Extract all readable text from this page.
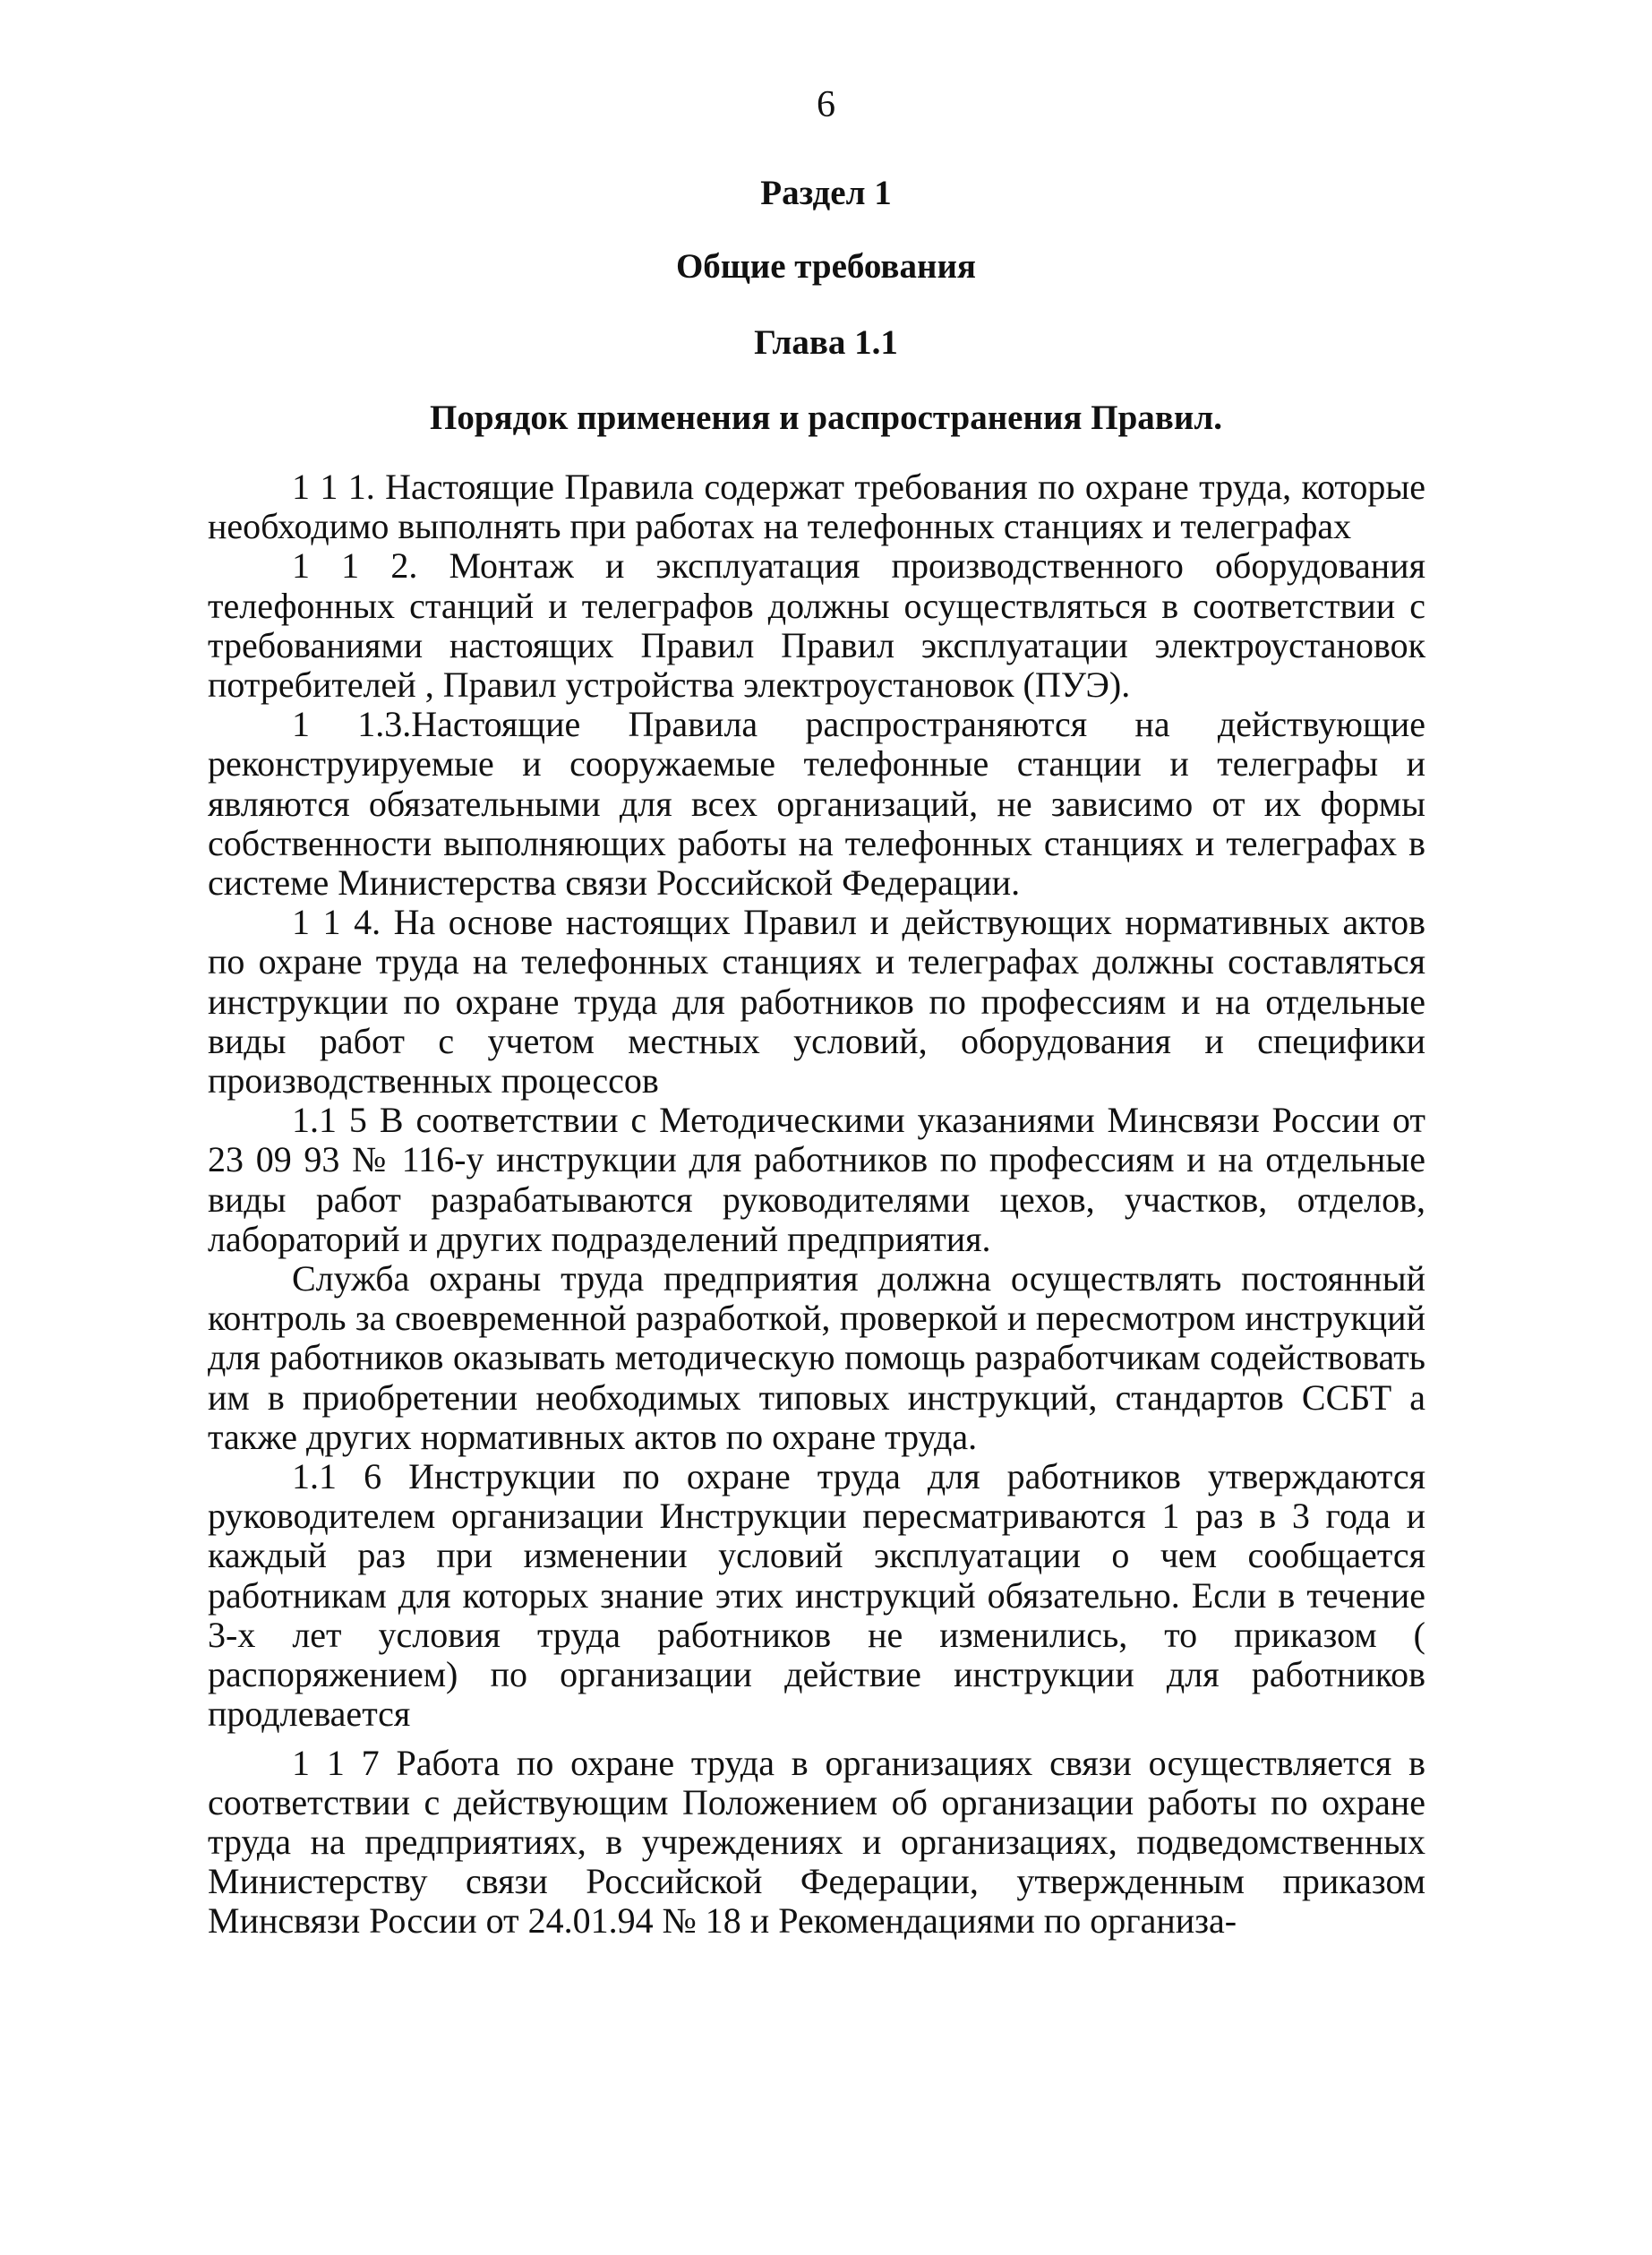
6
Раздел 1
Общие требования
Глава 1.1
Порядок применения и распространения Правил.

1 1 1. Настоящие Правила содержат требования по охране труда, которые необходимо выполнять при работах на телефонных станциях и телеграфах

1 1 2. Монтаж и эксплуатация производственного оборудования телефонных станций и телеграфов должны осуществляться в соответствии с требованиями настоящих Правил Правил эксплуатации электроустановок потребителей , Правил устройства электроустановок (ПУЭ).

1 1.3.Настоящие Правила распространяются на действующие реконструируемые и сооружаемые телефонные станции и телеграфы и являются обязательными для всех организаций, не зависимо от их формы собственности выполняющих работы на телефонных станциях и телеграфах в системе Министерства связи Российской Федерации.

1 1 4. На основе настоящих Правил и действующих нормативных актов по охране труда на телефонных станциях и телеграфах должны составляться инструкции по охране труда для работников по профессиям и на отдельные виды работ с учетом местных условий, оборудования и специфики производственных процессов

1.1 5 В соответствии с Методическими указаниями Минсвязи России от 23 09 93 № 116-у инструкции для работников по профессиям и на отдельные виды работ разрабатываются руководителями цехов, участков, отделов, лабораторий и других подразделений предприятия.

Служба охраны труда предприятия должна осуществлять постоянный контроль за своевременной разработкой, проверкой и пересмотром инструкций для работников оказывать методическую помощь разработчикам содействовать им в приобретении необходимых типовых инструкций, стандартов ССБТ а также других нормативных актов по охране труда.

1.1 6 Инструкции по охране труда для работников утверждаются руководителем организации Инструкции пересматриваются 1 раз в 3 года и каждый раз при изменении условий эксплуатации о чем сообщается работникам для которых знание этих инструкций обязательно. Если в течение 3-х лет условия труда работников не изменились, то приказом ( распоряжением) по организации действие инструкции для работников продлевается

1 1 7 Работа по охране труда в организациях связи осуществляется в соответствии с действующим Положением об организации работы по охране труда на предприятиях, в учреждениях и организациях, подведомственных Министерству связи Российской Федерации, утвержденным приказом Минсвязи России от 24.01.94 № 18 и Рекомендациями по организа-
